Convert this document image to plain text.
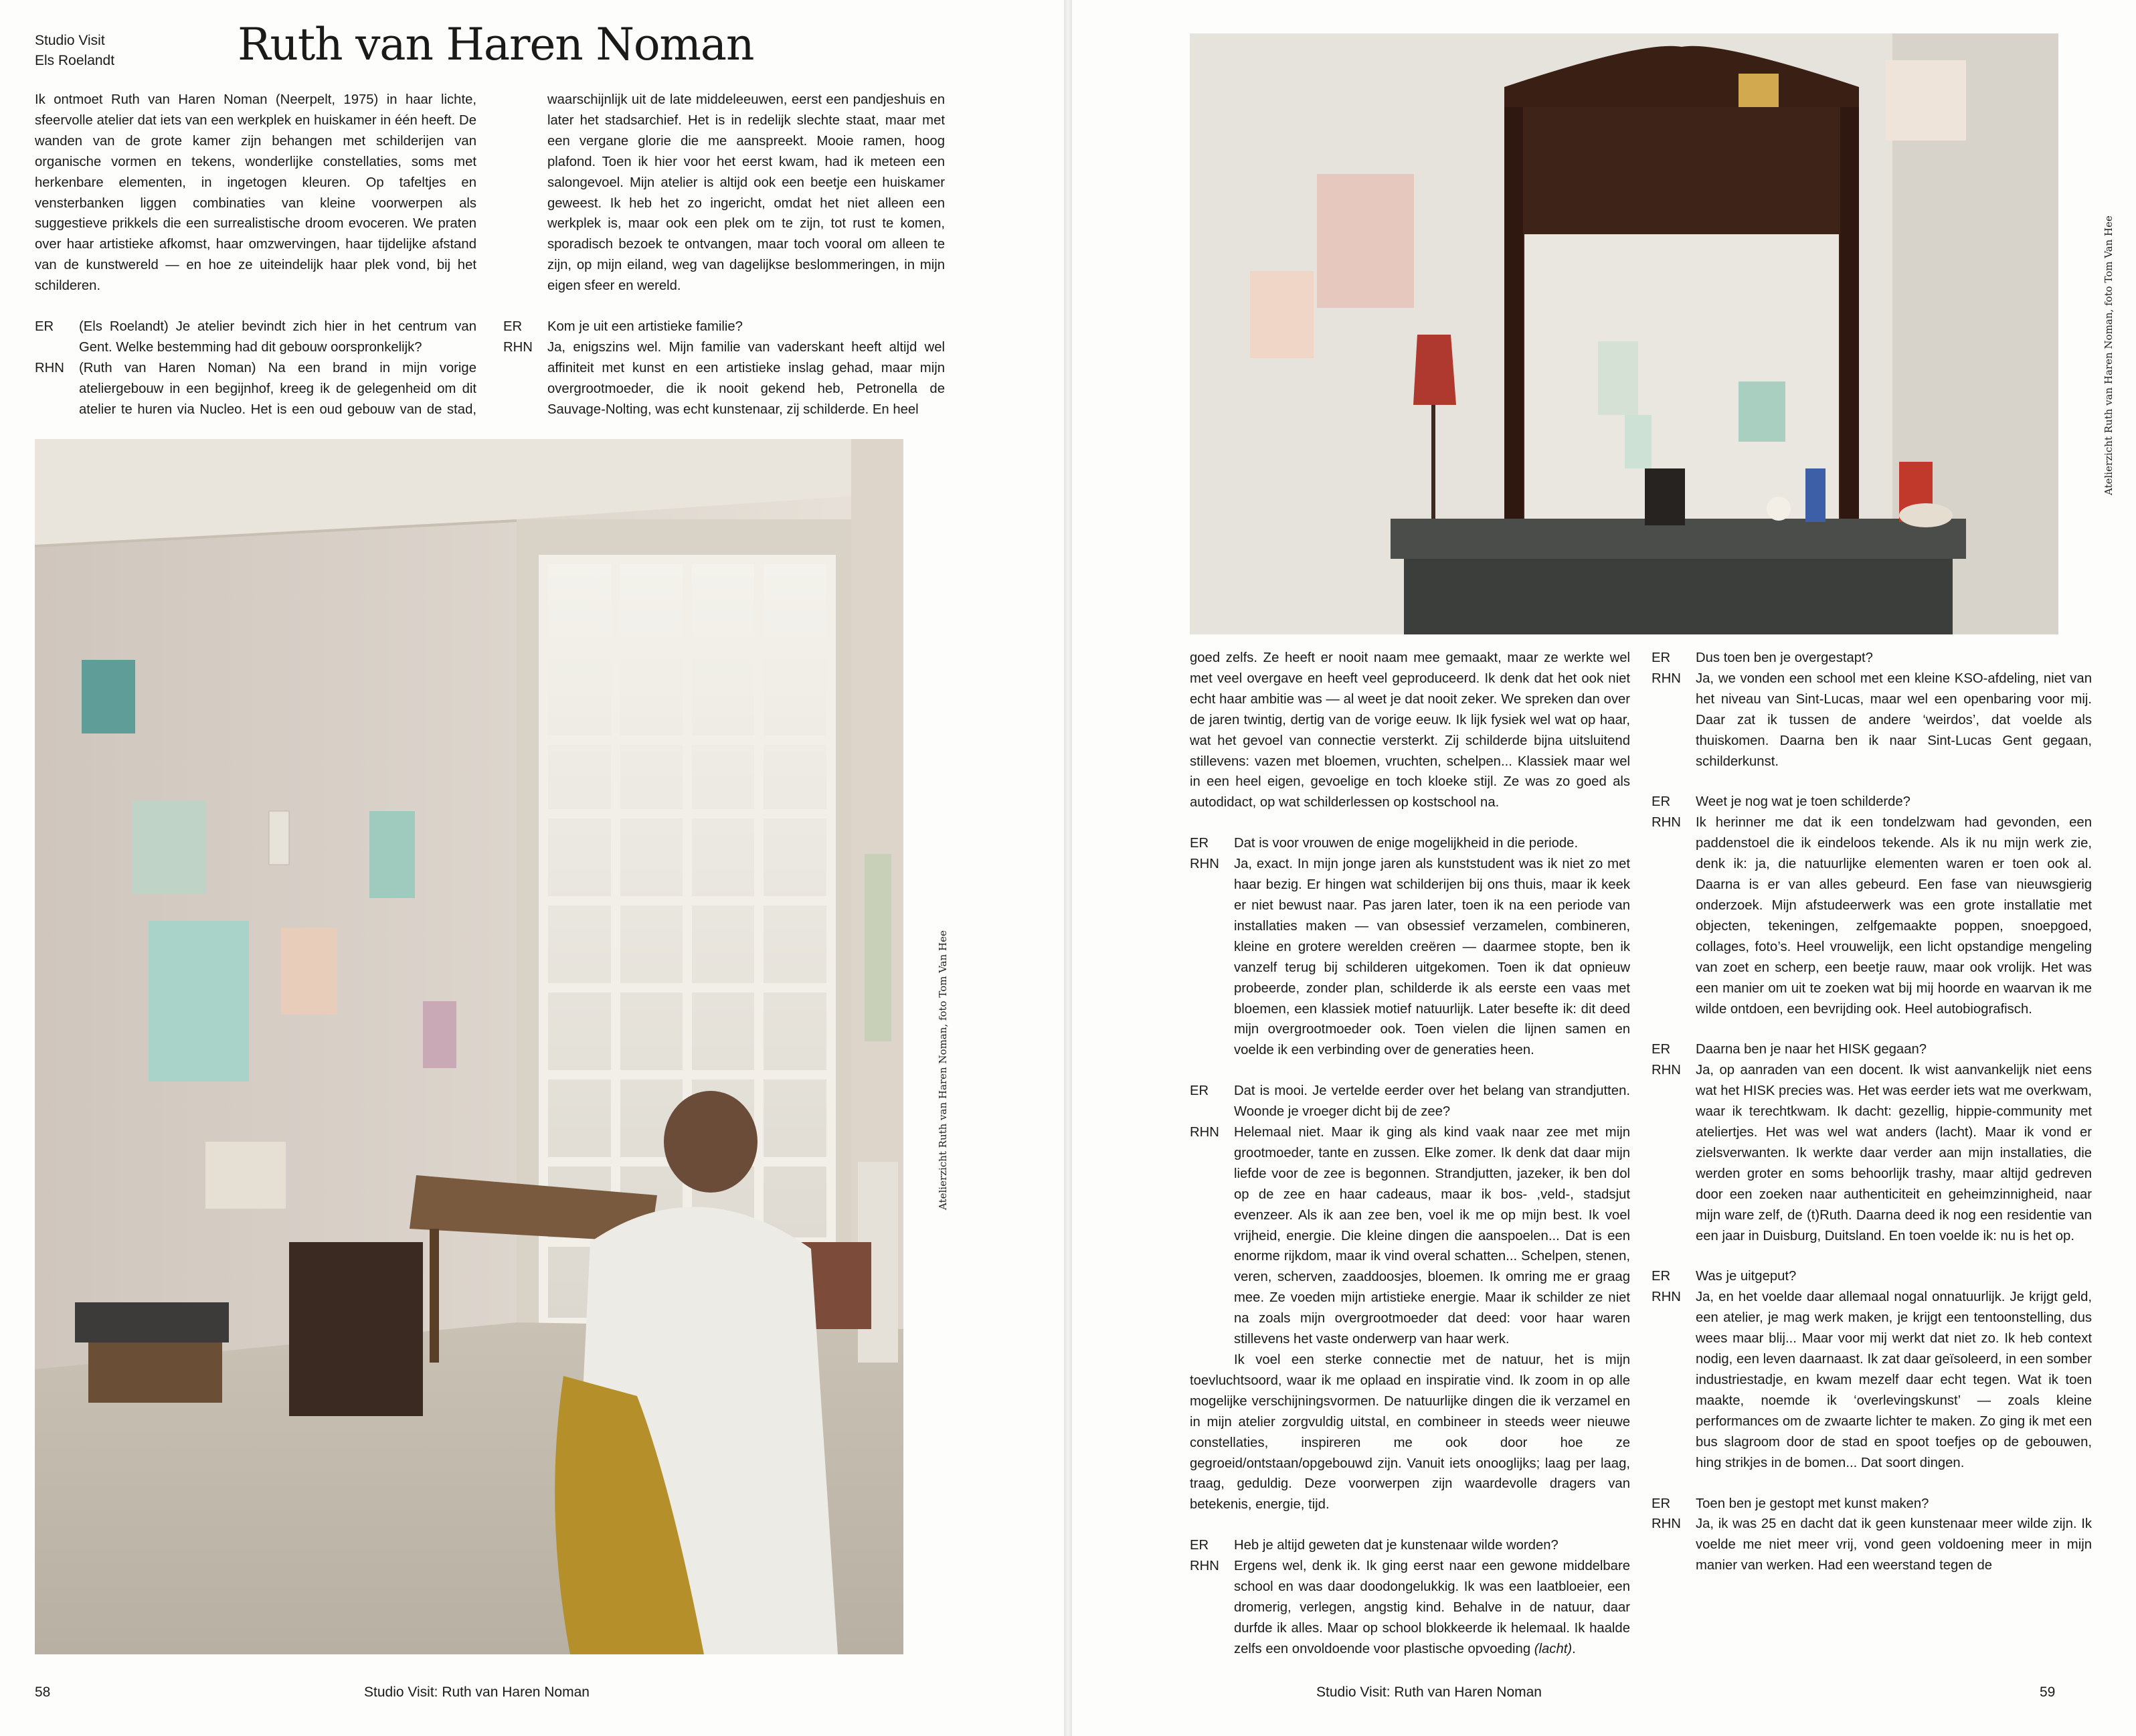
Studio Visit
Els Roelandt	Ruth van Haren Noman

Ik ontmoet Ruth van Haren Noman (Neerpelt, 1975) in haar lichte, sfeervolle atelier dat iets van een werkplek en huiskamer in één heeft. De wanden van de grote kamer zijn behangen met schilderijen van organische vormen en tekens, wonderlijke constellaties, soms met herkenbare elementen, in ingetogen kleuren. Op tafeltjes en vensterbanken liggen combinaties van kleine voorwerpen als suggestieve prikkels die een surrealistische droom evoceren. We praten over haar artistieke afkomst, haar omzwervingen, haar tijdelijke afstand van de kunstwereld — en hoe ze uiteindelijk haar plek vond, bij het schilderen.

ER	(Els Roelandt) Je atelier bevindt zich hier in het centrum van Gent. Welke bestemming had dit gebouw oorspronkelijk?
RHN	(Ruth van Haren Noman) Na een brand in mijn vorige ateliergebouw in een begijnhof, kreeg ik de gelegenheid om dit atelier te huren via Nucleo. Het is een oud gebouw van de stad, waarschijnlijk uit de late middeleeuwen, eerst een pandjeshuis en later het stadsarchief. Het is in redelijk slechte staat, maar met een vergane glorie die me aanspreekt. Mooie ramen, hoog plafond. Toen ik hier voor het eerst kwam, had ik meteen een salongevoel. Mijn atelier is altijd ook een beetje een huiskamer geweest. Ik heb het zo ingericht, omdat het niet alleen een werkplek is, maar ook een plek om te zijn, tot rust te komen, sporadisch bezoek te ontvangen, maar toch vooral om alleen te zijn, op mijn eiland, weg van dagelijkse beslommeringen, in mijn eigen sfeer en wereld.
ER	Kom je uit een artistieke familie?
RHN	Ja, enigszins wel. Mijn familie van vaderskant heeft altijd wel affiniteit met kunst en een artistieke inslag gehad, maar mijn overgrootmoeder, die ik nooit gekend heb, Petronella de Sauvage-Nolting, was echt kunstenaar, zij schilderde. En heel
Atelierzicht Ruth van Haren Noman, foto Tom Van Hee
58	Studio Visit: Ruth van Haren Noman
Atelierzicht Ruth van Haren Noman, foto Tom Van Hee

goed zelfs. Ze heeft er nooit naam mee gemaakt, maar ze werkte wel met veel overgave en heeft veel geproduceerd. Ik denk dat het ook niet echt haar ambitie was — al weet je dat nooit zeker. We spreken dan over de jaren twintig, dertig van de vorige eeuw. Ik lijk fysiek wel wat op haar, wat het gevoel van connectie versterkt. Zij schilderde bijna uitsluitend stillevens: vazen met bloemen, vruchten, schelpen... Klassiek maar wel in een heel eigen, gevoelige en toch kloeke stijl. Ze was zo goed als autodidact, op wat schilderlessen op kostschool na.

ER	Dat is voor vrouwen de enige mogelijkheid in die periode.
RHN	Ja, exact. In mijn jonge jaren als kunststudent was ik niet zo met haar bezig. Er hingen wat schilderijen bij ons thuis, maar ik keek er niet bewust naar. Pas jaren later, toen ik na een periode van installaties maken — van obsessief verzamelen, combineren, kleine en grotere werelden creëren — daarmee stopte, ben ik vanzelf terug bij schilderen uitgekomen. Toen ik dat opnieuw probeerde, zonder plan, schilderde ik als eerste een vaas met bloemen, een klassiek motief natuurlijk. Later besefte ik: dit deed mijn overgrootmoeder ook. Toen vielen die lijnen samen en voelde ik een verbinding over de generaties heen.
ER	Dat is mooi. Je vertelde eerder over het belang van strandjutten. Woonde je vroeger dicht bij de zee?
RHN	Helemaal niet. Maar ik ging als kind vaak naar zee met mijn grootmoeder, tante en zussen. Elke zomer. Ik denk dat daar mijn liefde voor de zee is begonnen. Strandjutten, jazeker, ik ben dol op de zee en haar cadeaus, maar ik bos- ,veld-, stadsjut evenzeer. Als ik aan zee ben, voel ik me op mijn best. Ik voel vrijheid, energie. Die kleine dingen die aanspoelen... Dat is een enorme rijkdom, maar ik vind overal schatten... Schelpen, stenen, veren, scherven, zaaddoosjes, bloemen. Ik omring me er graag mee. Ze voeden mijn artistieke energie. Maar ik schilder ze niet na zoals mijn overgrootmoeder dat deed: voor haar waren stillevens het vaste onderwerp van haar werk.

Ik voel een sterke connectie met de natuur, het is mijn toevluchtsoord, waar ik me oplaad en inspiratie vind. Ik zoom in op alle mogelijke verschijningsvormen. De natuurlijke dingen die ik verzamel en in mijn atelier zorgvuldig uitstal, en combineer in steeds weer nieuwe constellaties, inspireren me ook door hoe ze gegroeid/ontstaan/opgebouwd zijn. Vanuit iets onooglijks; laag per laag, traag, geduldig. Deze voorwerpen zijn waardevolle dragers van betekenis, energie, tijd.

ER	Heb je altijd geweten dat je kunstenaar wilde worden?
RHN	Ergens wel, denk ik. Ik ging eerst naar een gewone middelbare school en was daar doodongelukkig. Ik was een laatbloeier, een dromerig, verlegen, angstig kind. Behalve in de natuur, daar durfde ik alles. Maar op school blokkeerde ik helemaal. Ik haalde zelfs een onvoldoende voor plastische opvoeding (lacht).
ER	Dus toen ben je overgestapt?
RHN	Ja, we vonden een school met een kleine KSO-afdeling, niet van het niveau van Sint-Lucas, maar wel een openbaring voor mij. Daar zat ik tussen de andere ‘weirdos’, dat voelde als thuiskomen. Daarna ben ik naar Sint-Lucas Gent gegaan, schilderkunst.
ER	Weet je nog wat je toen schilderde?
RHN	Ik herinner me dat ik een tondelzwam had gevonden, een paddenstoel die ik eindeloos tekende. Als ik nu mijn werk zie, denk ik: ja, die natuurlijke elementen waren er toen ook al. Daarna is er van alles gebeurd. Een fase van nieuwsgierig onderzoek. Mijn afstudeerwerk was een grote installatie met objecten, tekeningen, zelfgemaakte poppen, snoepgoed, collages, foto’s. Heel vrouwelijk, een licht opstandige mengeling van zoet en scherp, een beetje rauw, maar ook vrolijk. Het was een manier om uit te zoeken wat bij mij hoorde en waarvan ik me wilde ontdoen, een bevrijding ook. Heel autobiografisch.
ER	Daarna ben je naar het HISK gegaan?
RHN	Ja, op aanraden van een docent. Ik wist aanvankelijk niet eens wat het HISK precies was. Het was eerder iets wat me overkwam, waar ik terechtkwam. Ik dacht: gezellig, hippie-community met ateliertjes. Het was wel wat anders (lacht). Maar ik vond er zielsverwanten. Ik werkte daar verder aan mijn installaties, die werden groter en soms behoorlijk trashy, maar altijd gedreven door een zoeken naar authenticiteit en geheimzinnigheid, naar mijn ware zelf, de (t)Ruth. Daarna deed ik nog een residentie van een jaar in Duisburg, Duitsland. En toen voelde ik: nu is het op.
ER	Was je uitgeput?
RHN	Ja, en het voelde daar allemaal nogal onnatuurlijk. Je krijgt geld, een atelier, je mag werk maken, je krijgt een tentoonstelling, dus wees maar blij... Maar voor mij werkt dat niet zo. Ik heb context nodig, een leven daarnaast. Ik zat daar geïsoleerd, in een somber industriestadje, en kwam mezelf daar echt tegen. Wat ik toen maakte, noemde ik ‘overlevingskunst’ — zoals kleine performances om de zwaarte lichter te maken. Zo ging ik met een bus slagroom door de stad en spoot toefjes op de gebouwen, hing strikjes in de bomen... Dat soort dingen.
ER	Toen ben je gestopt met kunst maken?
RHN	Ja, ik was 25 en dacht dat ik geen kunstenaar meer wilde zijn. Ik voelde me niet meer vrij, vond geen voldoening meer in mijn manier van werken. Had een weerstand tegen de
Studio Visit: Ruth van Haren Noman	59
